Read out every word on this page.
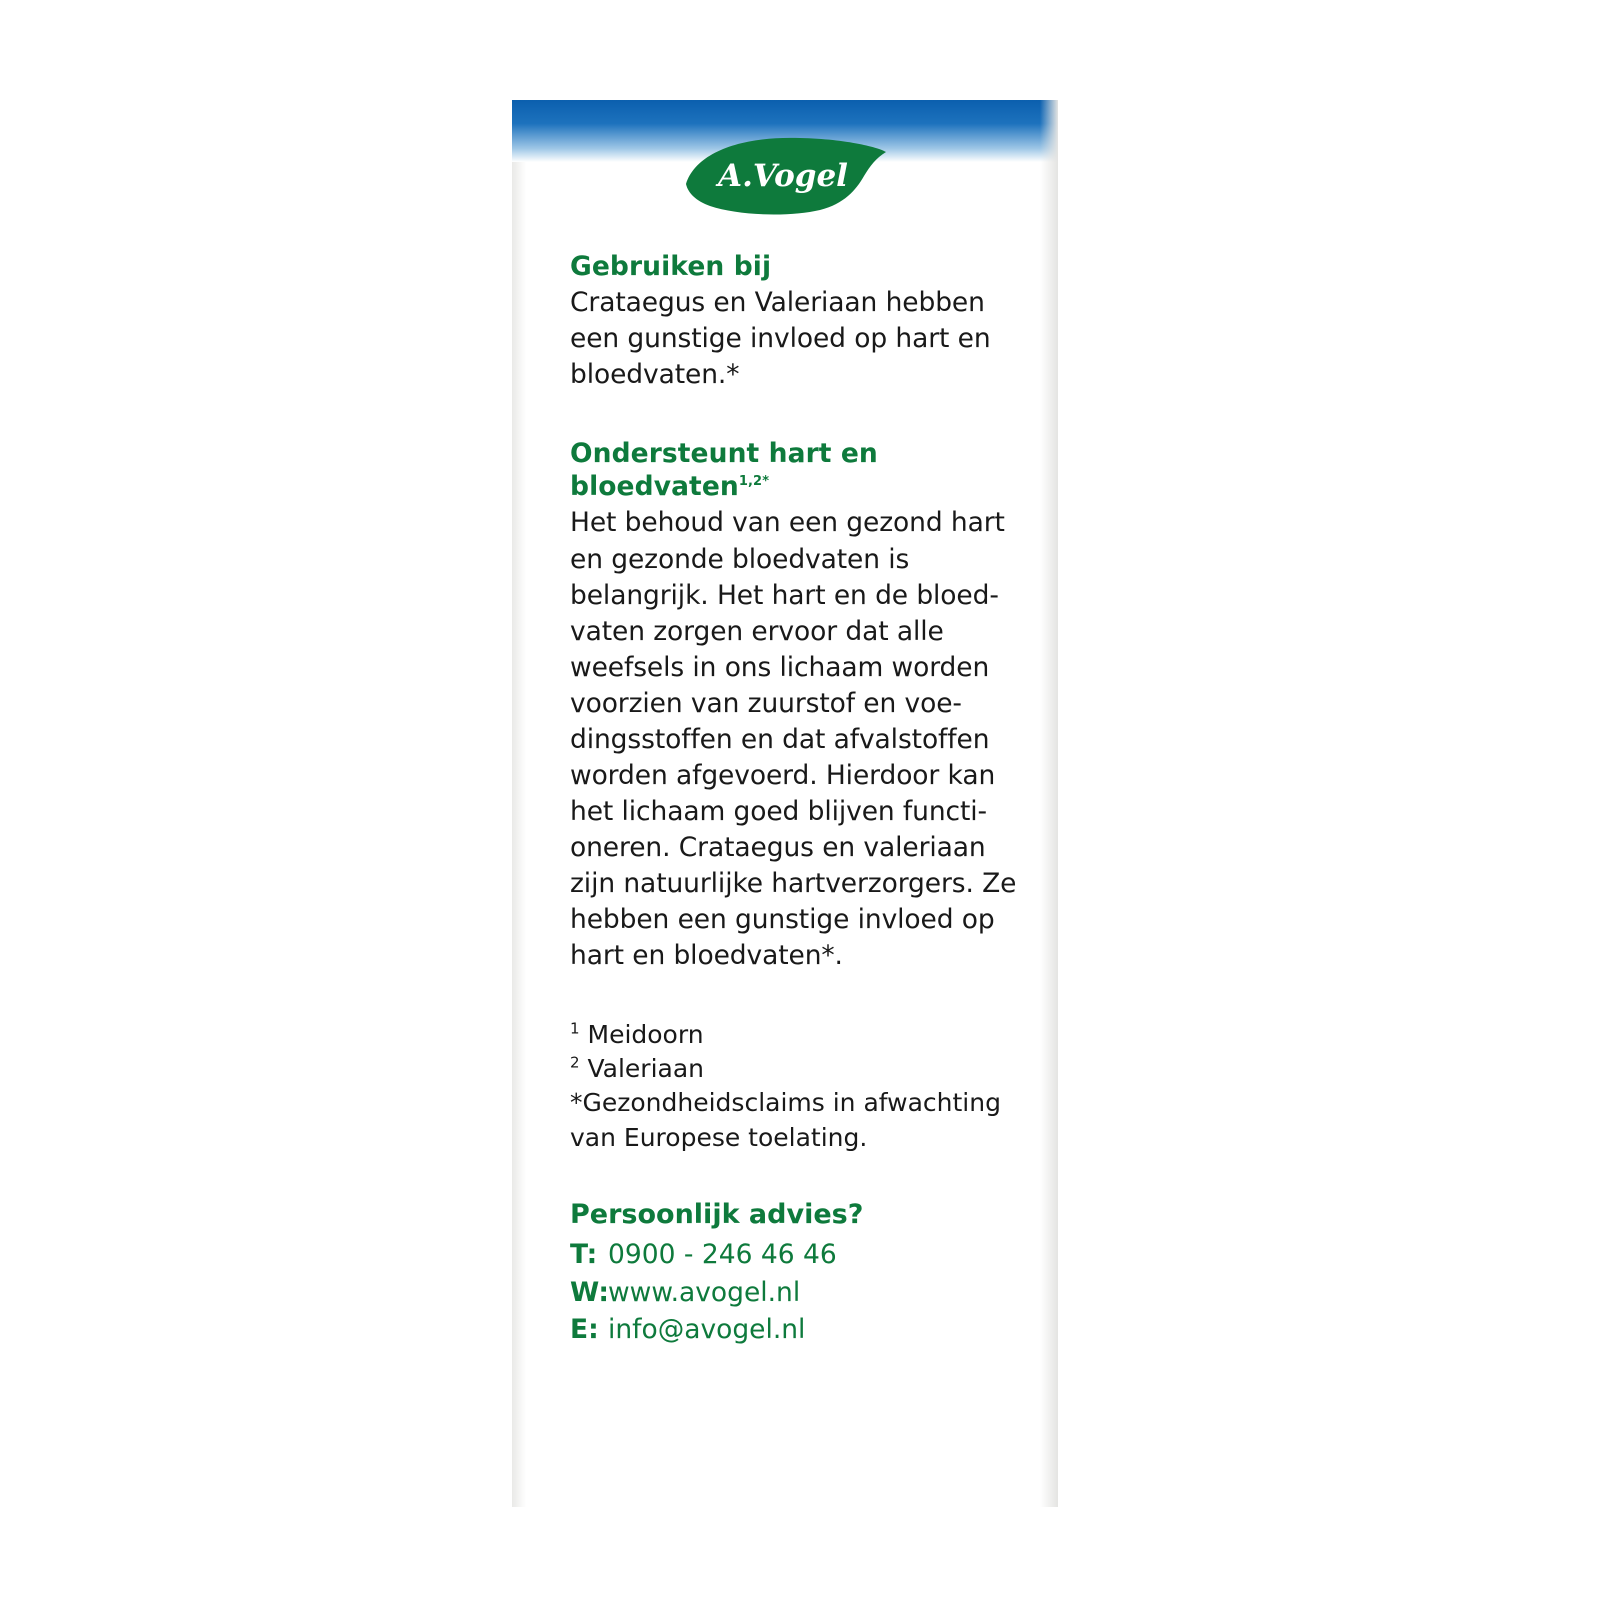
A.Vogel
Gebruiken bij

Crataegus en Valeriaan hebben een gunstige invloed op hart en bloedvaten.*

Ondersteunt hart en bloedvaten$^{1,2*}$

Het behoud van een gezond hart en gezonde bloedvaten is belangrijk. Het hart en de bloed-vaten zorgen ervoor dat alle weefsels in ons lichaam worden voorzien van zuurstof en voe-dingsstoffen en dat afvalstoffen worden afgevoerd. Hierdoor kan het lichaam goed blijven functi-oneren. Crataegus en valeriaan zijn natuurlijke hartverzorgers. Ze hebben een gunstige invloed op hart en bloedvaten*.

$^1$ Meidoorn
$^2$ Valeriaan
*Gezondheidsclaims in afwachting van Europese toelating.
Persoonlijk advies?
T: 0900 - 246 46 46
W:
www.avogel.nl
E: info@avogel.nl
